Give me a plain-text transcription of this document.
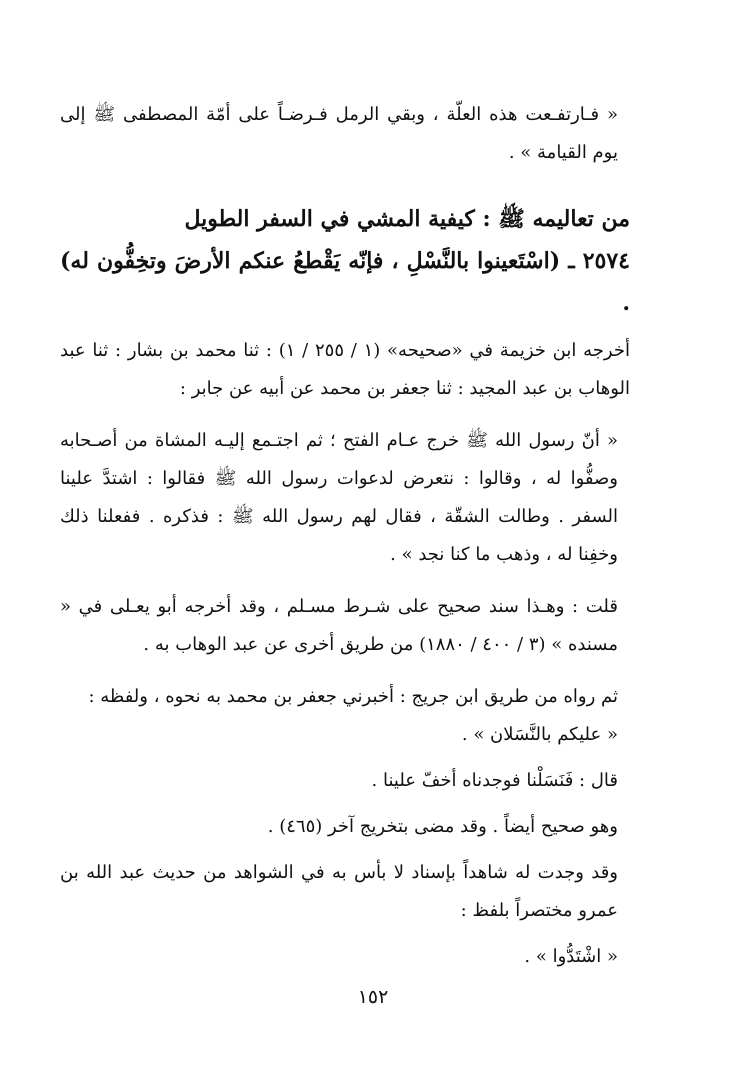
« فـارتفـعت هذه العلّة ، وبقي الرمل فـرضـاً على أمّة المصطفى ﷺ إلى يوم القيامة » .

من تعاليمه ﷺ : كيفية المشي في السفر الطويل

٢٥٧٤ ـ (اسْتَعينوا بالنَّسْلِ ، فإنّه يَقْطعُ عنكم الأرضَ وتخِفُّون له) .

أخرجه ابن خزيمة في «صحيحه» (١ / ٢٥٥ / ١) : ثنا محمد بن بشار : ثنا عبد الوهاب بن عبد المجيد : ثنا جعفر بن محمد عن أبيه عن جابر :

« أنّ رسول الله ﷺ خرج عـام الفتح ؛ ثم اجتـمع إليـه المشاة من أصـحابه وصفُّوا له ، وقالوا : نتعرض لدعوات رسول الله ﷺ فقالوا : اشتدَّ علينا السفر . وطالت الشقّة ، فقال لهم رسول الله ﷺ : فذكره . ففعلنا ذلك وخفِنا له ، وذهب ما كنا نجد » .

قلت : وهـذا سند صحيح على شـرط مسـلم ، وقد أخرجه أبو يعـلى في « مسنده » (٣ / ٤٠٠ / ١٨٨٠) من طريق أخرى عن عبد الوهاب به .

ثم رواه من طريق ابن جريج : أخبرني جعفر بن محمد به نحوه ، ولفظه :

« عليكم بالنَّسَلان » .

قال : فَنَسَلْنا فوجدناه أخفّ علينا .

وهو صحيح أيضاً . وقد مضى بتخريج آخر (٤٦٥) .

وقد وجدت له شاهداً بإسناد لا بأس به في الشواهد من حديث عبد الله بن عمرو مختصراً بلفظ :

« اشْتَدُّوا » .

١٥٢
